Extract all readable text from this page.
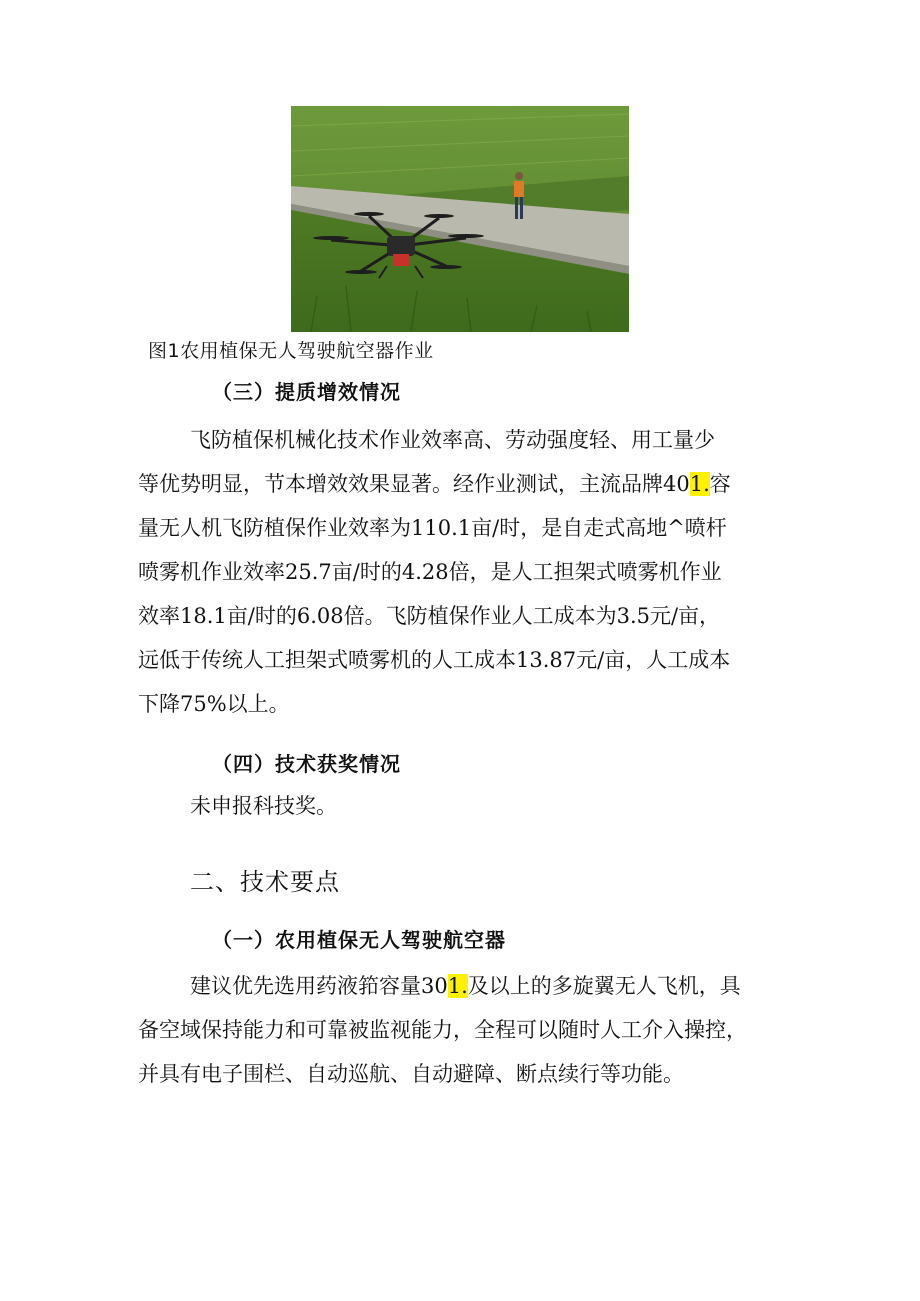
图1农用植保无人驾驶航空器作业
（三）提质增效情况
飞防植保机械化技术作业效率高、劳动强度轻、用工量少
等优势明显，节本增效效果显著。经作业测试，主流品牌401.容
量无人机飞防植保作业效率为110.1亩/时，是自走式高地^喷杆
喷雾机作业效率25.7亩/时的4.28倍，是人工担架式喷雾机作业
效率18.1亩/时的6.08倍。飞防植保作业人工成本为3.5元/亩，
远低于传统人工担架式喷雾机的人工成本13.87元/亩，人工成本
下降75%以上。
（四）技术获奖情况
未申报科技奖。
二、技术要点
（一）农用植保无人驾驶航空器
建议优先选用药液筘容量301.及以上的多旋翼无人飞机，具
备空域保持能力和可靠被监视能力，全程可以随时人工介入操控，
并具有电子围栏、自动巡航、自动避障、断点续行等功能。
